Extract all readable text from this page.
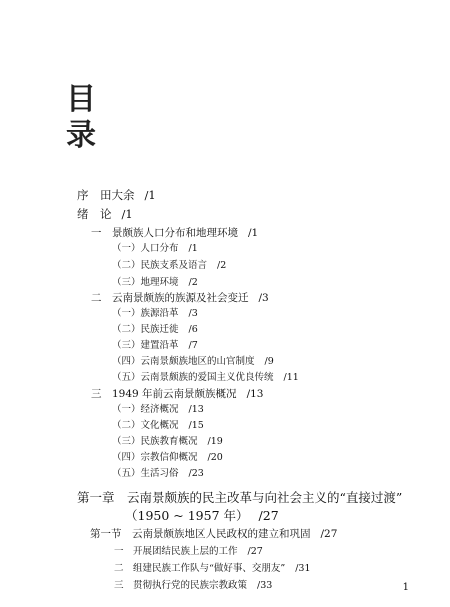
目
录
序　田大余 /1
绪　论 /1
一　景颇族人口分布和地理环境 /1
（一）人口分布 /1
（二）民族支系及语言 /2
（三）地理环境 /2
二　云南景颇族的族源及社会变迁 /3
（一）族源沿革 /3
（二）民族迁徙 /6
（三）建置沿革 /7
（四）云南景颇族地区的山官制度 /9
（五）云南景颇族的爱国主义优良传统 /11
三　1949 年前云南景颇族概况 /13
（一）经济概况 /13
（二）文化概况 /15
（三）民族教育概况 /19
（四）宗教信仰概况 /20
（五）生活习俗 /23
第一章　云南景颇族的民主改革与向社会主义的“直接过渡”
（1950 ~ 1957 年） /27
第一节　云南景颇族地区人民政权的建立和巩固 /27
一　开展团结民族上层的工作 /27
二　组建民族工作队与“做好事、交朋友” /31
三　贯彻执行党的民族宗教政策 /33	1
